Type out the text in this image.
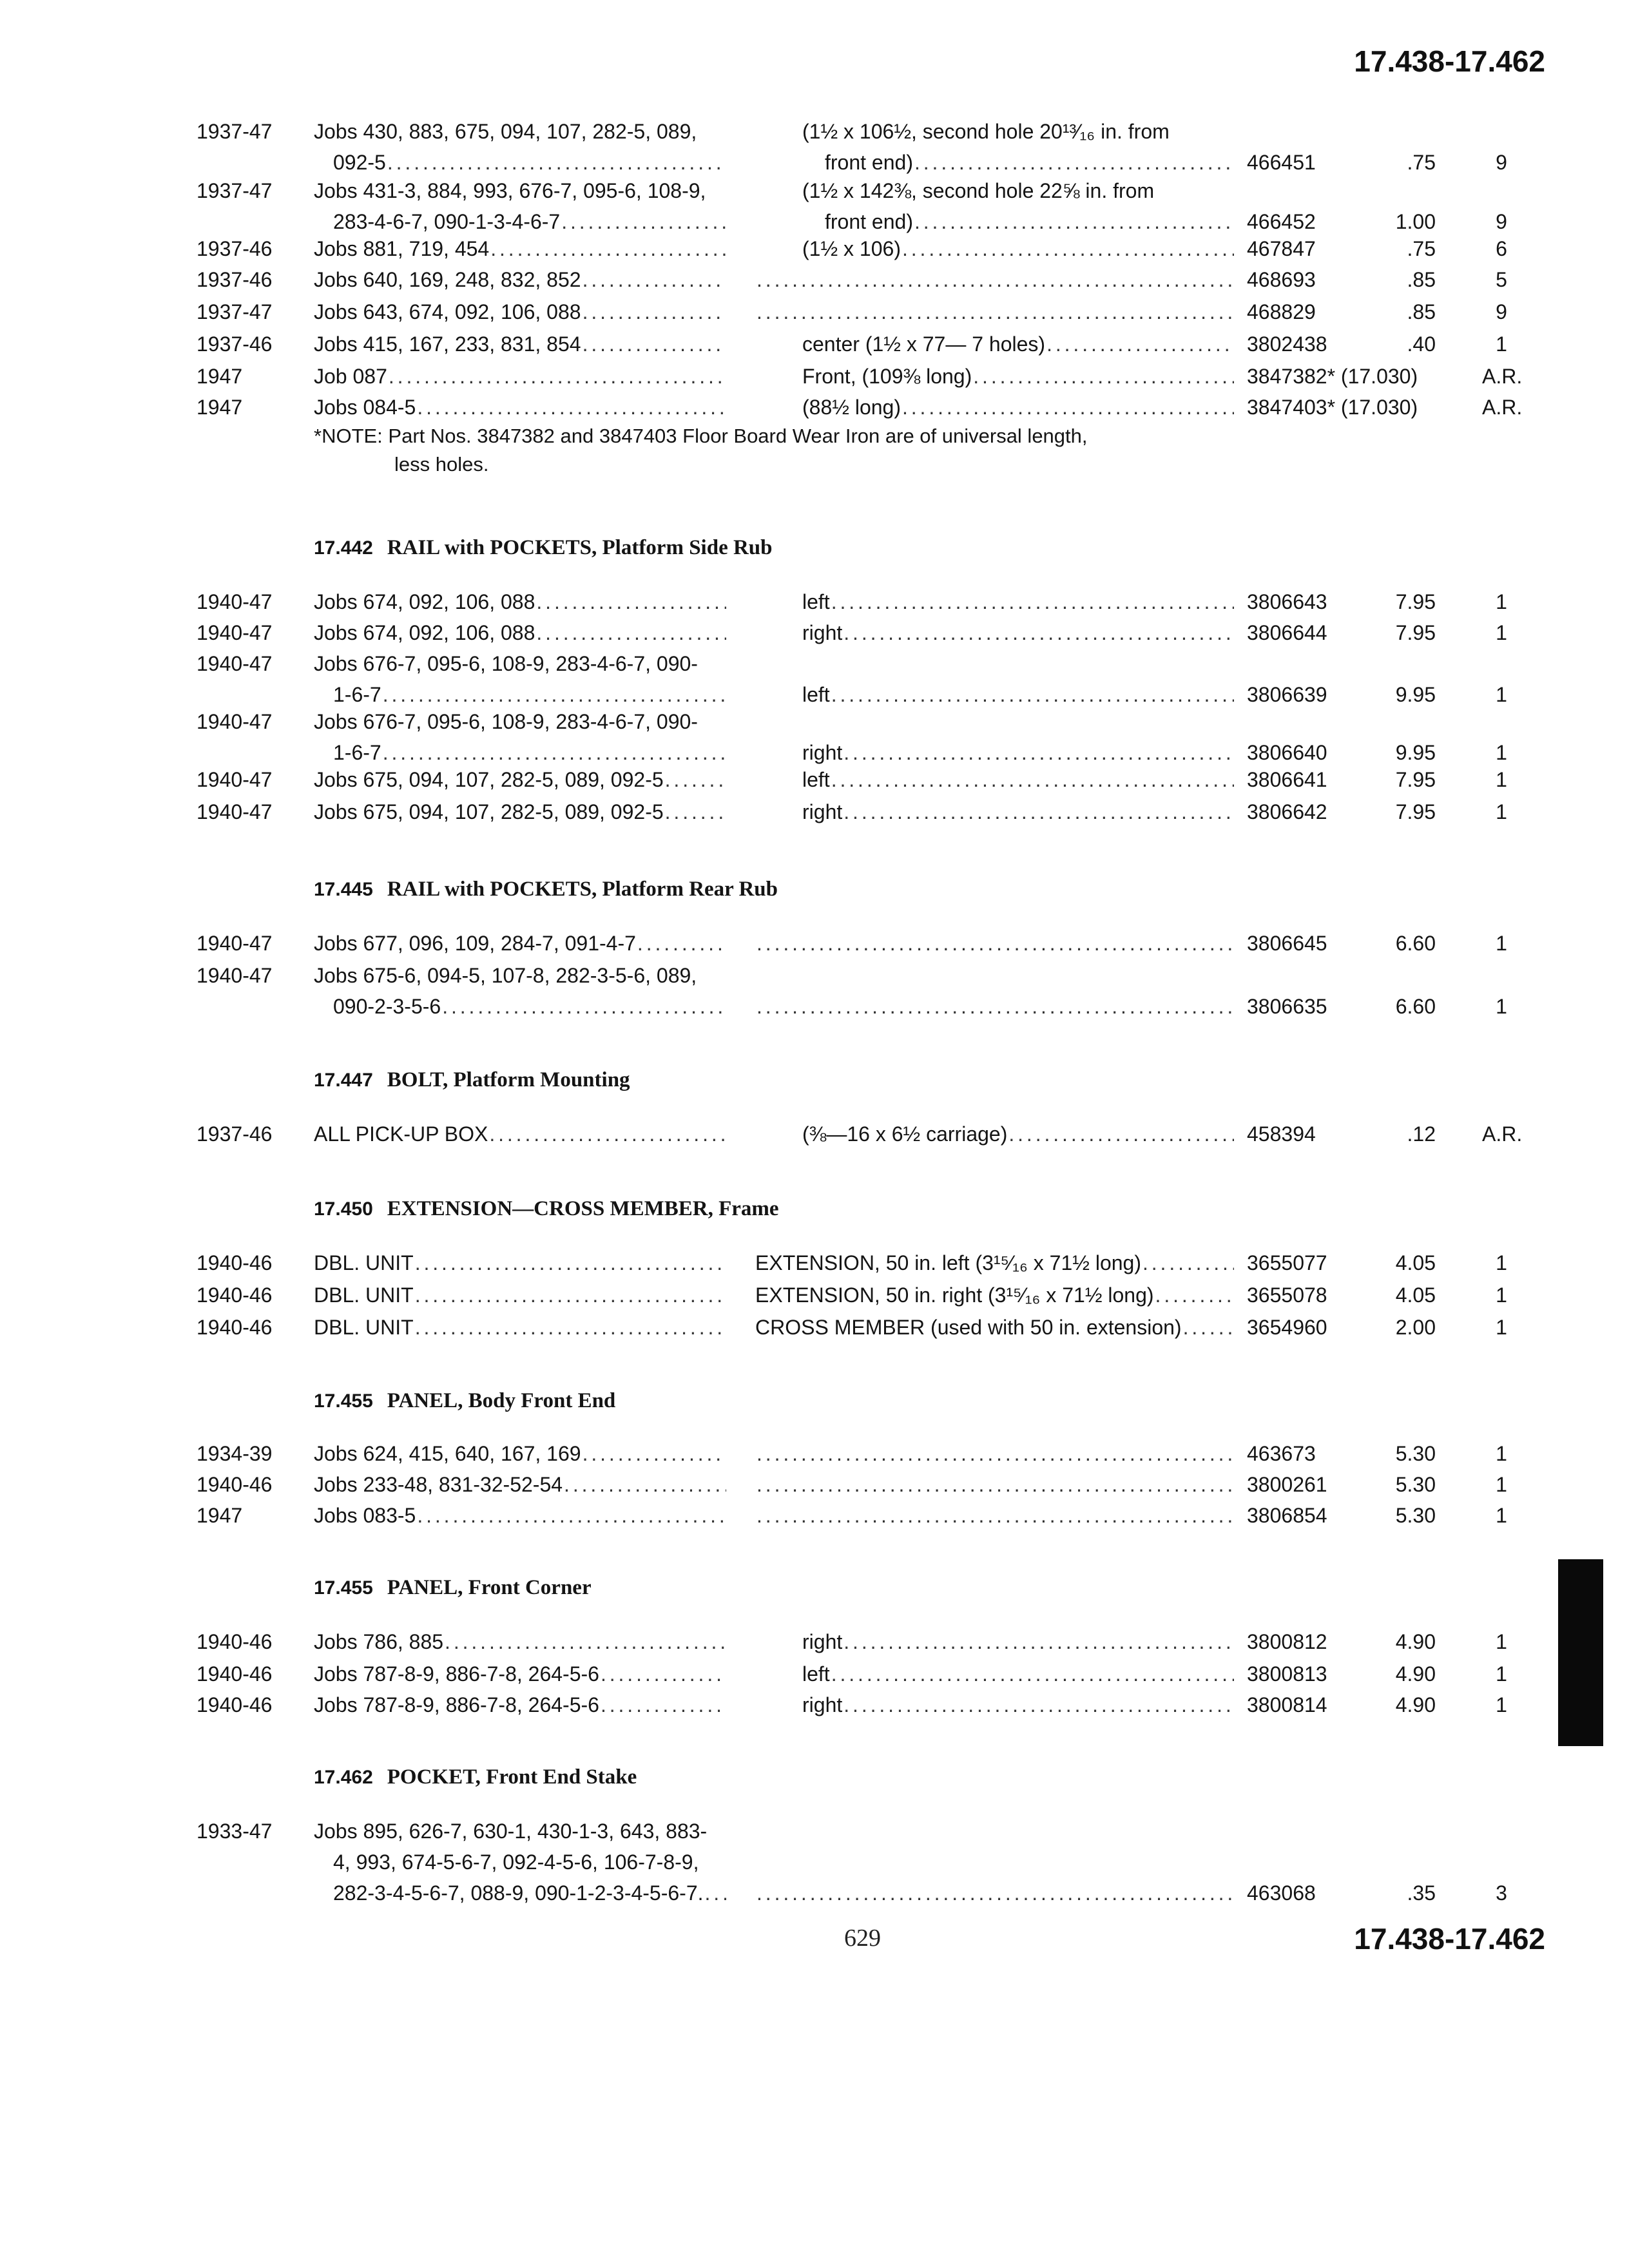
17.438-17.462
1937-47 Jobs 430, 883, 675, 094, 107, 282-5, 089,
092-5
. . .
(1½ x 106½, second hole 20¹³⁄₁₆ in. from
front end) . . .	466451	.75	9
1937-47 Jobs 431-3, 884, 993, 676-7, 095-6, 108-9,
283-4-6-7, 090-1-3-4-6-7
. . .
(1½ x 142⅜, second hole 22⅝ in. from
front end) . . .	466452	1.00	9
1937-46 Jobs 881, 719, 454 . . .	(1½ x 106) . . .	467847	.75	6
1937-46 Jobs 640, 169, 248, 832, 852 . . . . . .	468693	.85	5
1937-47 Jobs 643, 674, 092, 106, 088 . . . . . .	468829	.85	9
1937-46 Jobs 415, 167, 233, 831, 854 . . .	center (1½ x 77— 7 holes) . . .	3802438	.40	1
1947	Job 087 . . .	Front, (109⅜ long) . . .	3847382* (17.030)	A.R.
1947	Jobs 084-5 . . .	(88½ long) . . .	3847403* (17.030)	A.R.
*NOTE: Part Nos. 3847382 and 3847403 Floor Board Wear Iron are of universal length,
less holes.
17.442 RAIL with POCKETS, Platform Side Rub
1940-47 Jobs 674, 092, 106, 088 . . .	left . . .	3806643	7.95	1
1940-47 Jobs 674, 092, 106, 088 . . .	right . . .	3806644	7.95	1
1940-47 Jobs 676-7, 095-6, 108-9, 283-4-6-7, 090-
1-6-7 . . .	left . . .	3806639	9.95	1
1940-47 Jobs 676-7, 095-6, 108-9, 283-4-6-7, 090-
1-6-7 . . .	right . . .	3806640	9.95	1
1940-47 Jobs 675, 094, 107, 282-5, 089, 092-5 . . .	left . . .	3806641	7.95	1
1940-47 Jobs 675, 094, 107, 282-5, 089, 092-5 . . .	right . . .	3806642	7.95	1
17.445 RAIL with POCKETS, Platform Rear Rub
1940-47 Jobs 677, 096, 109, 284-7, 091-4-7 . . . . . .	3806645	6.60	1
1940-47 Jobs 675-6, 094-5, 107-8, 282-3-5-6, 089,
090-2-3-5-6 . . . . . .	3806635	6.60	1
17.447 BOLT, Platform Mounting
1937-46 ALL PICK-UP BOX . . .	(⅜—16 x 6½ carriage) . . .	458394	.12 A.R.
17.450 EXTENSION—CROSS MEMBER, Frame
1940-46 DBL. UNIT . . .	EXTENSION, 50 in. left (3¹⁵⁄₁₆ x 71½ long) . . .	3655077	4.05	1
1940-46 DBL. UNIT . . .	EXTENSION, 50 in. right (3¹⁵⁄₁₆ x 71½ long) . . .	3655078	4.05	1
1940-46 DBL. UNIT . . .	CROSS MEMBER (used with 50 in. extension) . . .	3654960	2.00	1
17.455 PANEL, Body Front End
1934-39 Jobs 624, 415, 640, 167, 169 . . . . . .	463673	5.30	1
1940-46 Jobs 233-48, 831-32-52-54 . . . . . .	3800261	5.30	1
1947	Jobs 083-5 . . . . . .	3806854	5.30	1
17.455 PANEL, Front Corner
1940-46 Jobs 786, 885 . . .	right . . .	3800812	4.90	1
1940-46 Jobs 787-8-9, 886-7-8, 264-5-6 . . .	left . . .	3800813	4.90	1
1940-46 Jobs 787-8-9, 886-7-8, 264-5-6 . . .	right . . .	3800814	4.90	1
17.462 POCKET, Front End Stake
1933-47 Jobs 895, 626-7, 630-1, 430-1-3, 643, 883-
4, 993, 674-5-6-7, 092-4-5-6, 106-7-8-9,
282-3-4-5-6-7, 088-9, 090-1-2-3-4-5-6-7. . . . . . .	463068	.35	3
629	17.438-17.462
